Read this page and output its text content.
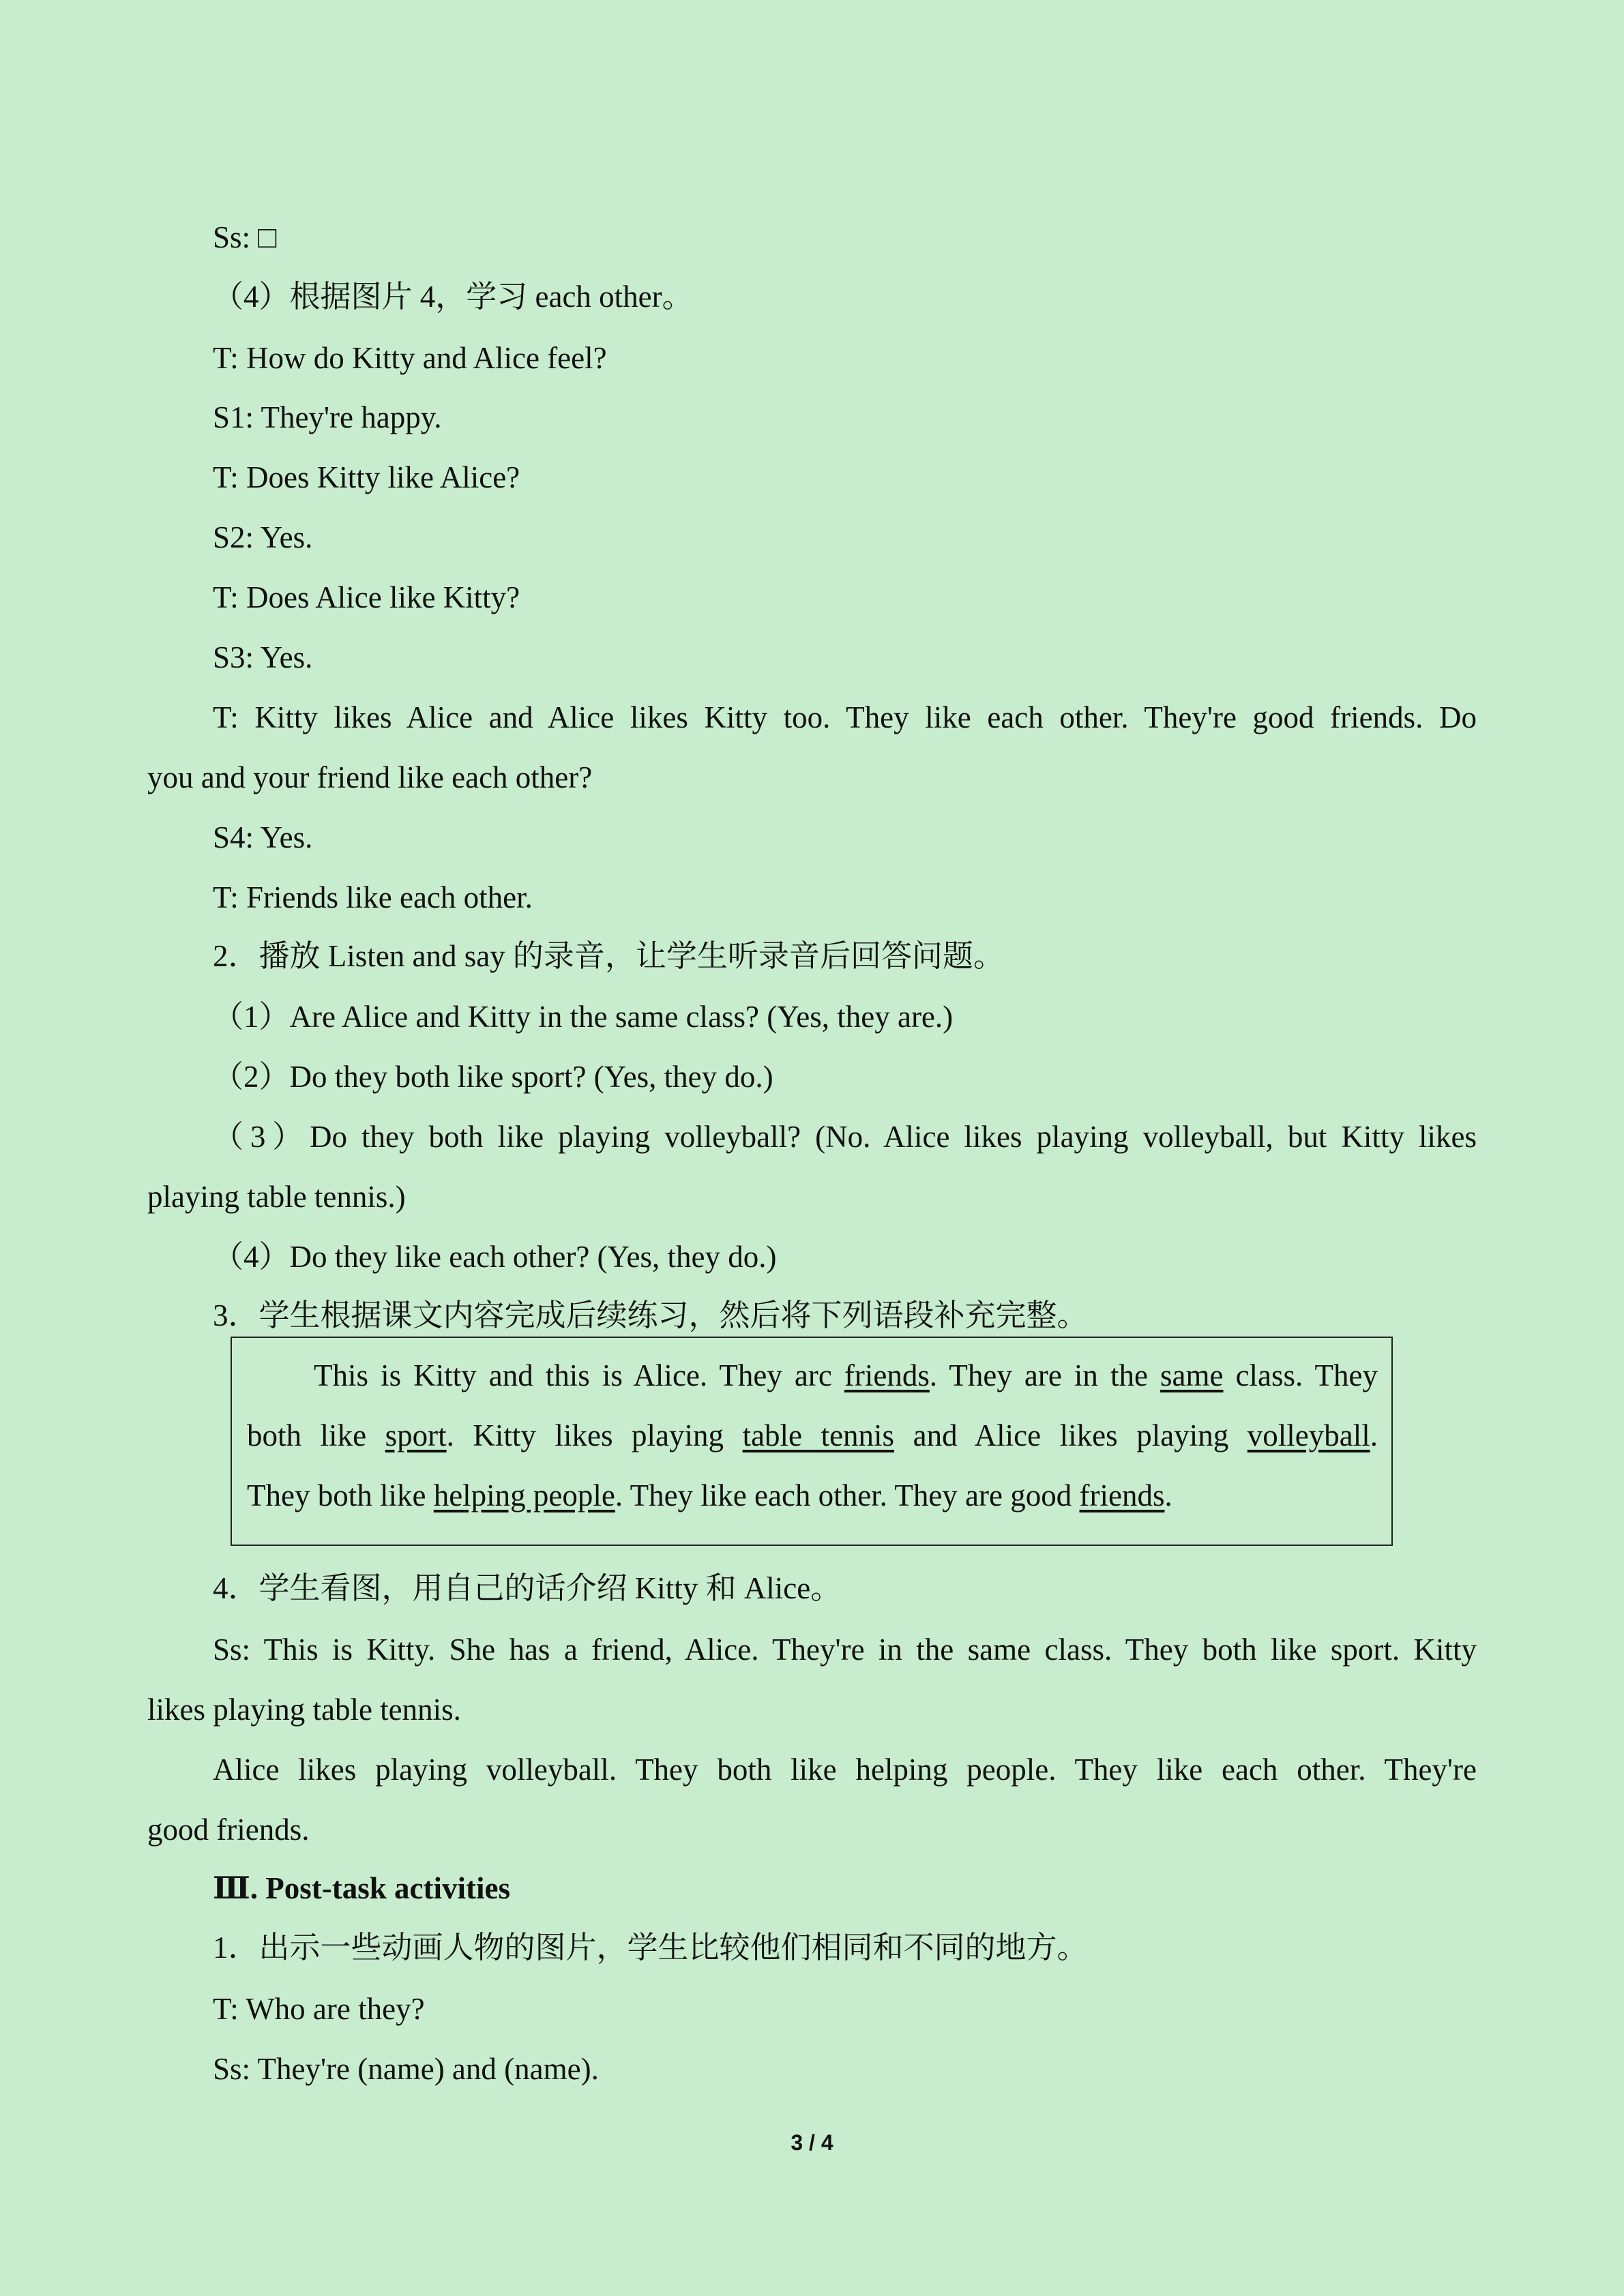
Ss: □
（4）根据图片 4，学习 each other。
T: How do Kitty and Alice feel?
S1: They're happy.
T: Does Kitty like Alice?
S2: Yes.
T: Does Alice like Kitty?
S3: Yes.
T: Kitty likes Alice and Alice likes Kitty too. They like each other. They're good friends. Do
you and your friend like each other?
S4: Yes.
T: Friends like each other.
2．播放 Listen and say 的录音，让学生听录音后回答问题。
（1）Are Alice and Kitty in the same class? (Yes, they are.)
（2）Do they both like sport? (Yes, they do.)
（3）Do they both like playing volleyball? (No. Alice likes playing volleyball, but Kitty likes
playing table tennis.)
（4）Do they like each other? (Yes, they do.)
3．学生根据课文内容完成后续练习，然后将下列语段补充完整。
This is Kitty and this is Alice. They arc friends. They are in the same class. They
both like sport. Kitty likes playing table tennis and Alice likes playing volleyball.
They both like helping people. They like each other. They are good friends.
4．学生看图，用自己的话介绍 Kitty 和 Alice。
Ss: This is Kitty. She has a friend, Alice. They're in the same class. They both like sport. Kitty
likes playing table tennis.
Alice likes playing volleyball. They both like helping people. They like each other. They're
good friends.
Ⅲ. Post-task activities
1．出示一些动画人物的图片，学生比较他们相同和不同的地方。
T: Who are they?
Ss: They're (name) and (name).
3 / 4
